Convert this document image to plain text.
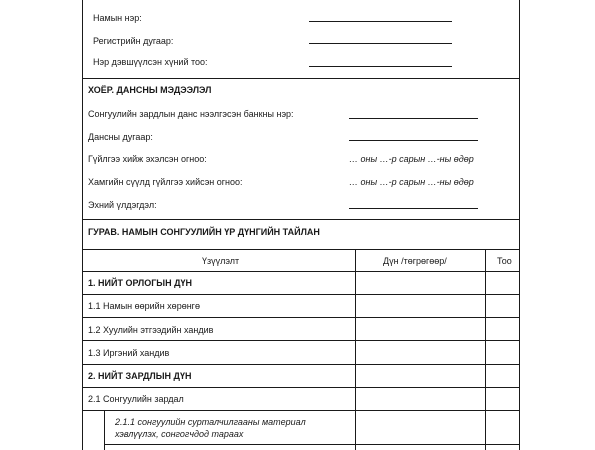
Намын нэр:
Регистрийн дугаар:
Нэр дэвшүүлсэн хүний тоо:
ХОЁР. ДАНСНЫ МЭДЭЭЛЭЛ
Сонгуулийн зардлын данс нээлгэсэн банкны нэр:
Дансны дугаар:
Гүйлгээ хийж эхэлсэн огноо:	… оны …-р сарын …-ны өдөр
Хамгийн сүүлд гүйлгээ хийсэн огноо:	… оны …-р сарын …-ны өдөр
Эхний үлдэгдэл:
ГУРАВ. НАМЫН СОНГУУЛИЙН ҮР ДҮНГИЙН ТАЙЛАН
Үзүүлэлт	Дүн /төгрөгөөр/	Тоо
1. НИЙТ ОРЛОГЫН ДҮН
1.1 Намын өөрийн хөрөнгө
1.2 Хуулийн этгээдийн хандив
1.3 Иргэний хандив
2. НИЙТ ЗАРДЛЫН ДҮН
2.1 Сонгуулийн зардал
2.1.1 сонгуулийн сурталчилгааны материал
хэвлүүлэх, сонгогчдод тараах
